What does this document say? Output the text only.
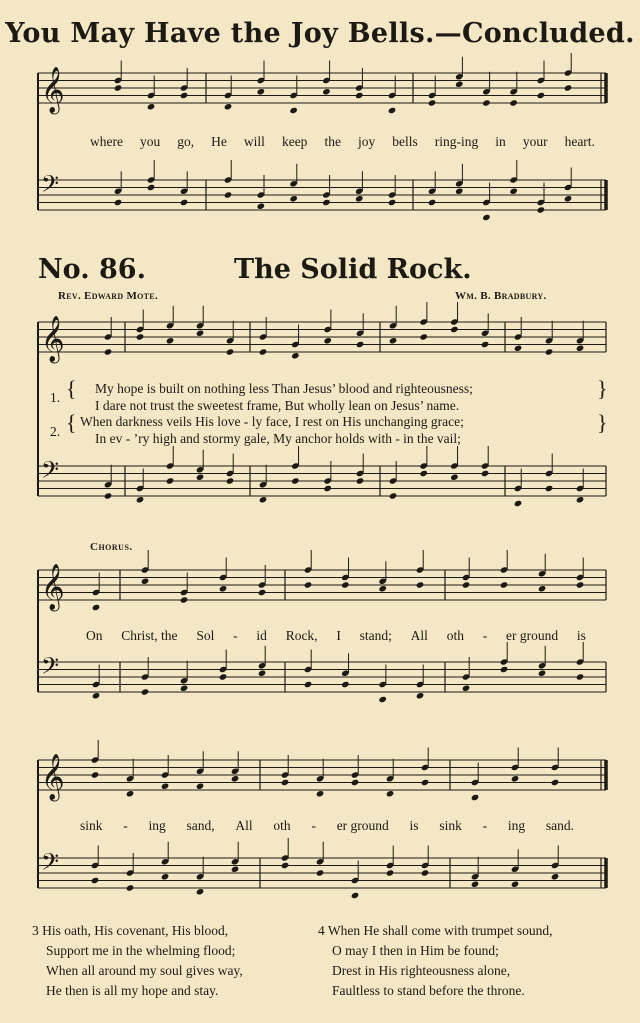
You May Have the Joy Bells.—Concluded.
𝄞
𝄢
𝄞
𝄢
𝄞
𝄢
𝄞
𝄢
where you go, He will keep the joy bells ring-ing in your heart.
No. 86.	The Solid Rock.
Rev. Edward Mote.	Wm. B. Bradbury.
1. { My hope is built on nothing less Than Jesus’ blood and righteousness;
I dare not trust the sweetest frame, But wholly lean on Jesus’ name.
}
2. { When darkness veils His love - ly face, I rest on His unchanging grace;
In ev - ’ry high and stormy gale, My anchor holds with - in the vail;
}
Chorus.
On Christ, the Sol - id Rock, I stand; All oth - er ground is
sink - ing sand, All oth - er ground is sink - ing sand.
3 His oath, His covenant, His blood,
Support me in the whelming flood;
When all around my soul gives way,
He then is all my hope and stay.
4 When He shall come with trumpet sound,
O may I then in Him be found;
Drest in His righteousness alone,
Faultless to stand before the throne.
